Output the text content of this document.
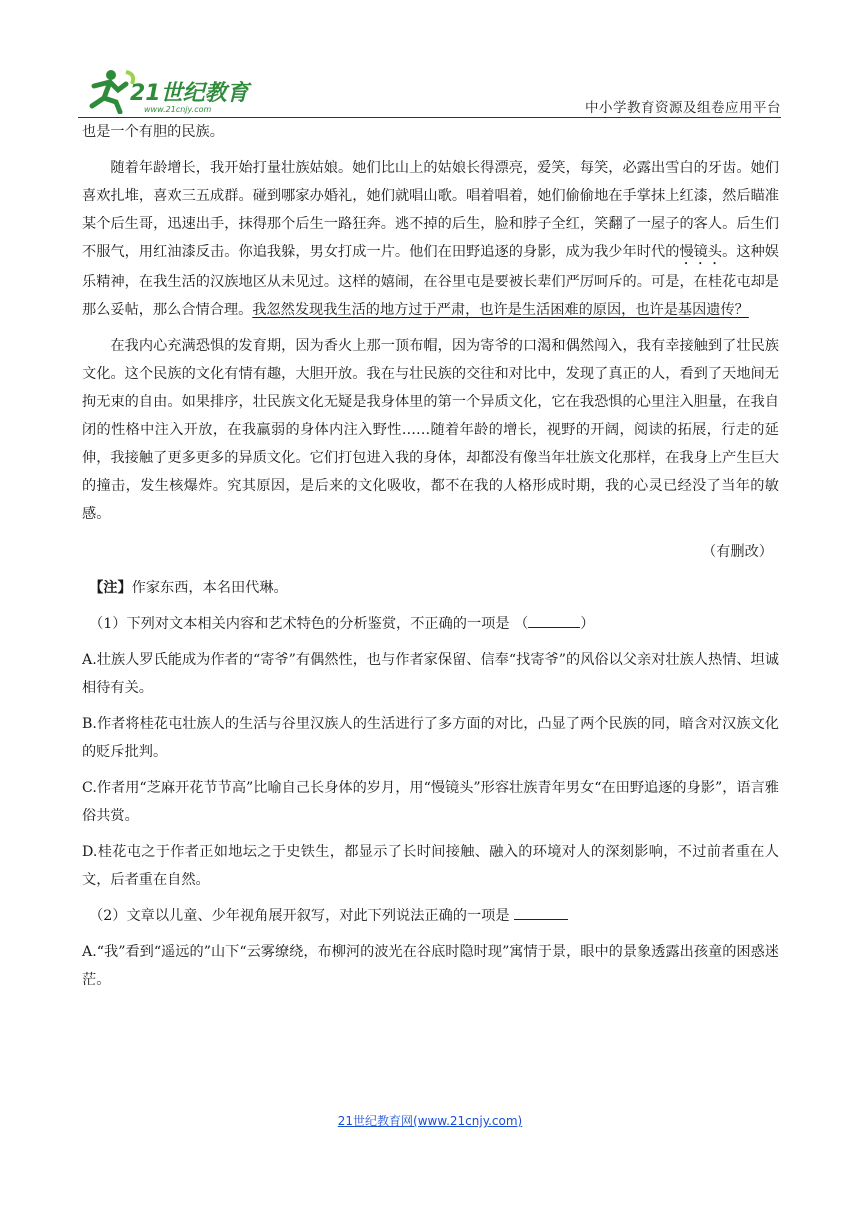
21世纪教育
www.21cnjy.com	中小学教育资源及组卷应用平台

也是一个有胆的民族。

随着年龄增长，我开始打量壮族姑娘。她们比山上的姑娘长得漂亮，爱笑，每笑，必露出雪白的牙齿。她们喜欢扎堆，喜欢三五成群。碰到哪家办婚礼，她们就唱山歌。唱着唱着，她们偷偷地在手掌抹上红漆，然后瞄准某个后生哥，迅速出手，抹得那个后生一路狂奔。逃不掉的后生，脸和脖子全红，笑翻了一屋子的客人。后生们不服气，用红油漆反击。你追我躲，男女打成一片。他们在田野追逐的身影，成为我少年时代的慢镜头。这种娱乐精神，在我生活的汉族地区从未见过。这样的嬉闹，在谷里屯是要被长辈们严厉呵斥的。可是，在桂花屯却是那么妥帖，那么合情合理。我忽然发现我生活的地方过于严肃，也许是生活困难的原因，也许是基因遗传？

在我内心充满恐惧的发育期，因为香火上那一顶布帽，因为寄爷的口渴和偶然闯入，我有幸接触到了壮民族文化。这个民族的文化有情有趣，大胆开放。我在与壮民族的交往和对比中，发现了真正的人，看到了天地间无拘无束的自由。如果排序，壮民族文化无疑是我身体里的第一个异质文化，它在我恐惧的心里注入胆量，在我自闭的性格中注入开放，在我羸弱的身体内注入野性……随着年龄的增长，视野的开阔，阅读的拓展，行走的延伸，我接触了更多更多的异质文化。它们打包进入我的身体，却都没有像当年壮族文化那样，在我身上产生巨大的撞击，发生核爆炸。究其原因，是后来的文化吸收，都不在我的人格形成时期，我的心灵已经没了当年的敏感。

（有删改）

【注】作家东西，本名田代琳。

（1）下列对文本相关内容和艺术特色的分析鉴赏，不正确的一项是 （	）

A.壮族人罗氏能成为作者的“寄爷”有偶然性，也与作者家保留、信奉“找寄爷”的风俗以父亲对壮族人热情、坦诚相待有关。

B.作者将桂花屯壮族人的生活与谷里汉族人的生活进行了多方面的对比，凸显了两个民族的同，暗含对汉族文化的贬斥批判。

C.作者用“芝麻开花节节高”比喻自己长身体的岁月，用“慢镜头”形容壮族青年男女“在田野追逐的身影”，语言雅俗共赏。

D.桂花屯之于作者正如地坛之于史铁生，都显示了长时间接触、融入的环境对人的深刻影响，不过前者重在人文，后者重在自然。

（2）文章以儿童、少年视角展开叙写，对此下列说法正确的一项是

A.“我”看到“遥远的”山下“云雾缭绕，布柳河的波光在谷底时隐时现”寓情于景，眼中的景象透露出孩童的困惑迷茫。

21世纪教育网(www.21cnjy.com)
